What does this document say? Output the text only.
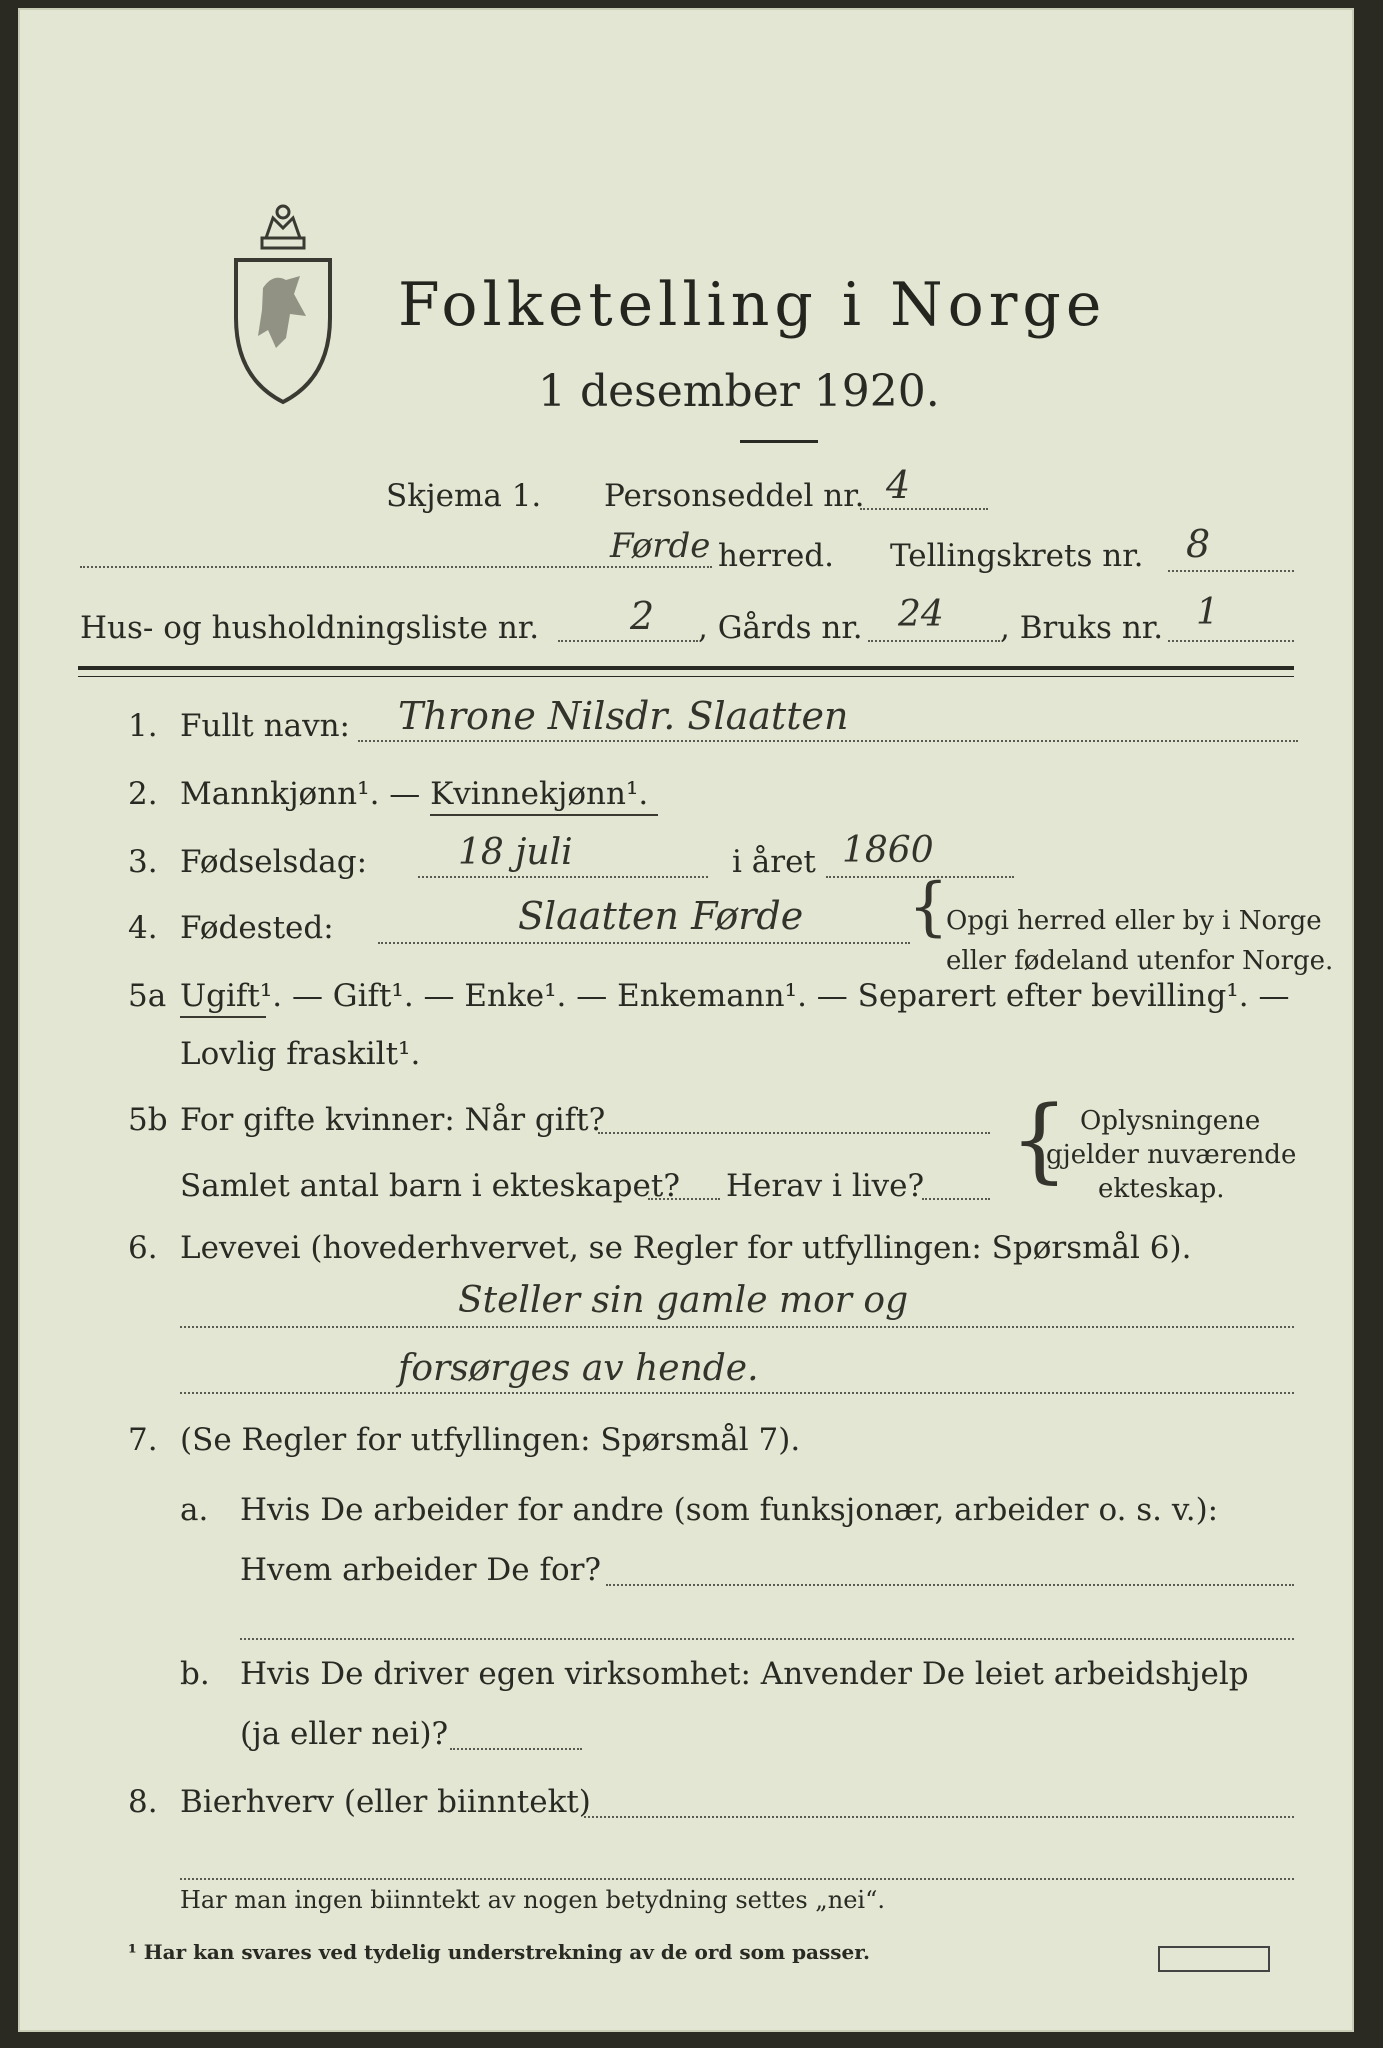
Folketelling i Norge
1 desember 1920.
Skjema 1. Personseddel nr. 4
Førde herred. Tellingskrets nr. 8
Hus- og husholdningsliste nr. 2 , Gårds nr. 24 , Bruks nr. 1
1. Fullt navn: Throne Nilsdr. Slaatten
2. Mannkjønn¹. — Kvinnekjønn¹.
3. Fødselsdag:	18 juli	i året 1860
4. Fødested:	Slaatten Førde {
Opgi herred eller by i Norge
eller fødeland utenfor Norge.
5a Ugift¹. — Gift¹. — Enke¹. — Enkemann¹. — Separert efter bevilling¹. —
Lovlig fraskilt¹.
5b For gifte kvinner: Når gift?
Samlet antal barn i ekteskapet? Herav i live? { Oplysningene
gjelder nuværende
ekteskap.
6. Levevei (hovederhvervet, se Regler for utfyllingen: Spørsmål 6).
Steller sin gamle mor og
forsørges av hende.
7. (Se Regler for utfyllingen: Spørsmål 7).
a. Hvis De arbeider for andre (som funksjonær, arbeider o. s. v.):
Hvem arbeider De for?
b. Hvis De driver egen virksomhet: Anvender De leiet arbeidshjelp
(ja eller nei)?
8. Bierhverv (eller biinntekt)
Har man ingen biinntekt av nogen betydning settes „nei“.
¹ Har kan svares ved tydelig understrekning av de ord som passer.
